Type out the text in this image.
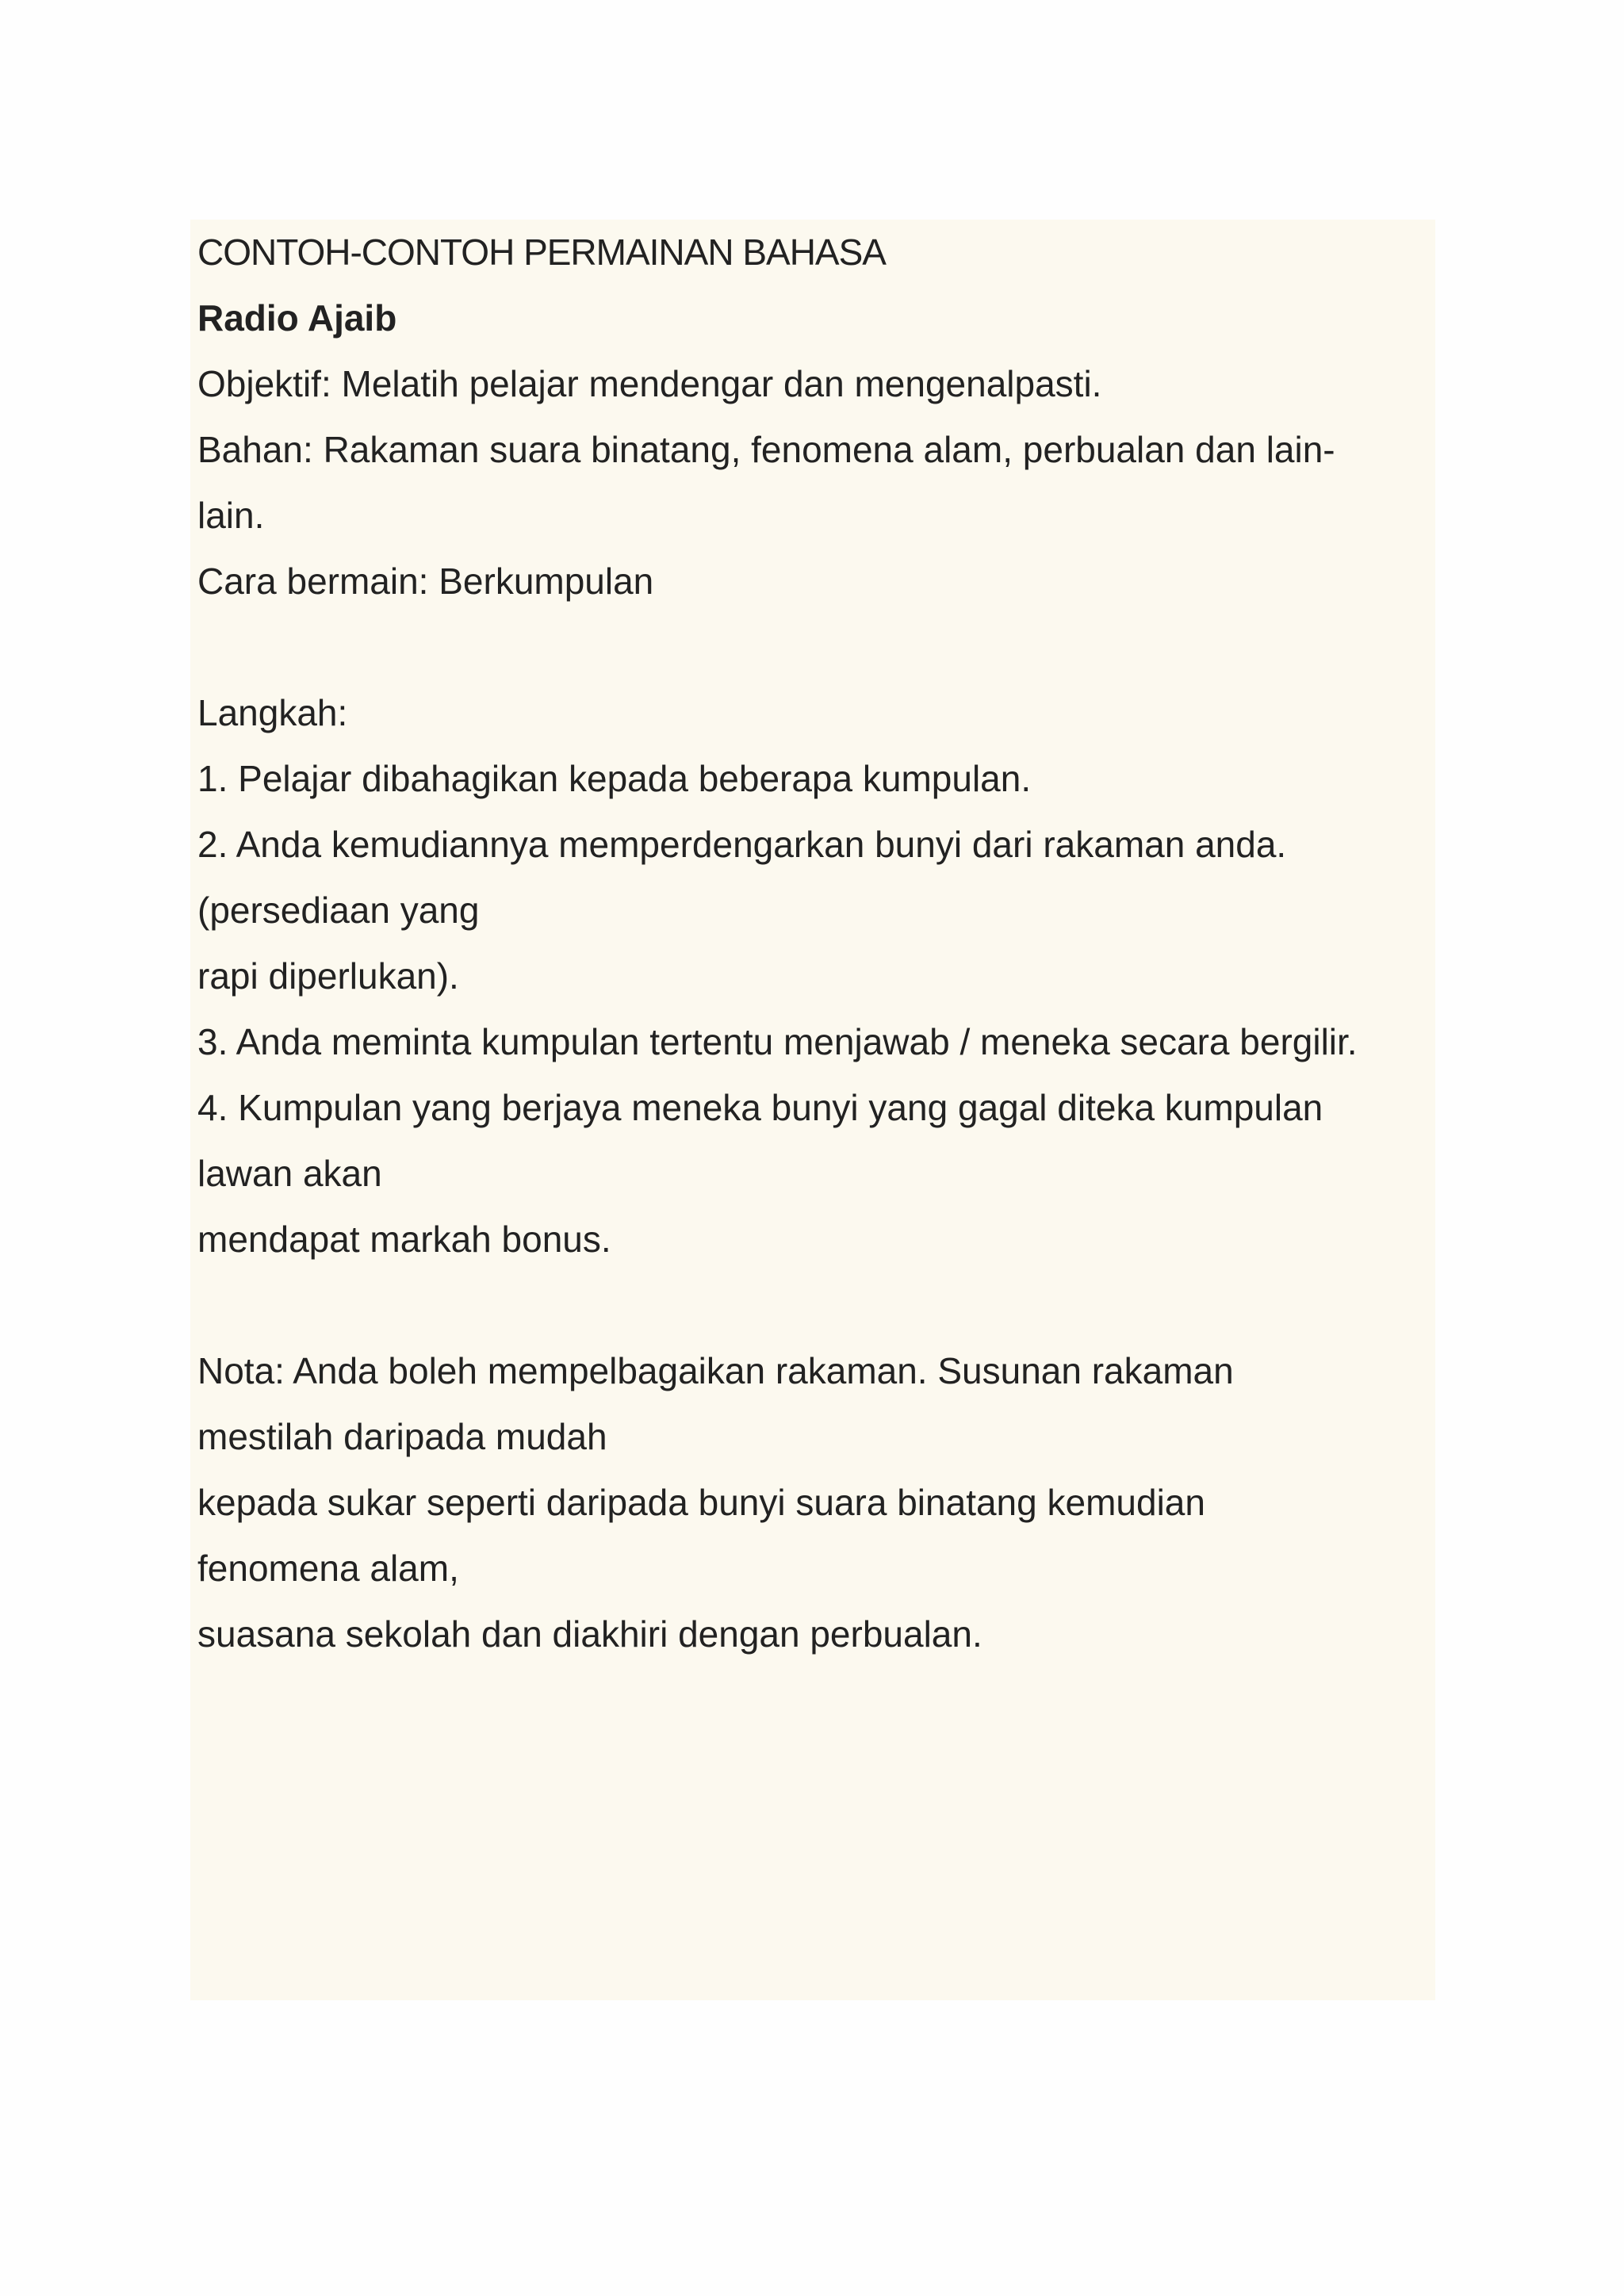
CONTOH-CONTOH PERMAINAN BAHASA
Radio Ajaib
Objektif: Melatih pelajar mendengar dan mengenalpasti.
Bahan: Rakaman suara binatang, fenomena alam, perbualan dan lain-
lain.
Cara bermain: Berkumpulan
Langkah:
1. Pelajar dibahagikan kepada beberapa kumpulan.
2. Anda kemudiannya memperdengarkan bunyi dari rakaman anda.
(persediaan yang
rapi diperlukan).
3. Anda meminta kumpulan tertentu menjawab / meneka secara bergilir.
4. Kumpulan yang berjaya meneka bunyi yang gagal diteka kumpulan
lawan akan
mendapat markah bonus.
Nota: Anda boleh mempelbagaikan rakaman. Susunan rakaman
mestilah daripada mudah
kepada sukar seperti daripada bunyi suara binatang kemudian
fenomena alam,
suasana sekolah dan diakhiri dengan perbualan.
